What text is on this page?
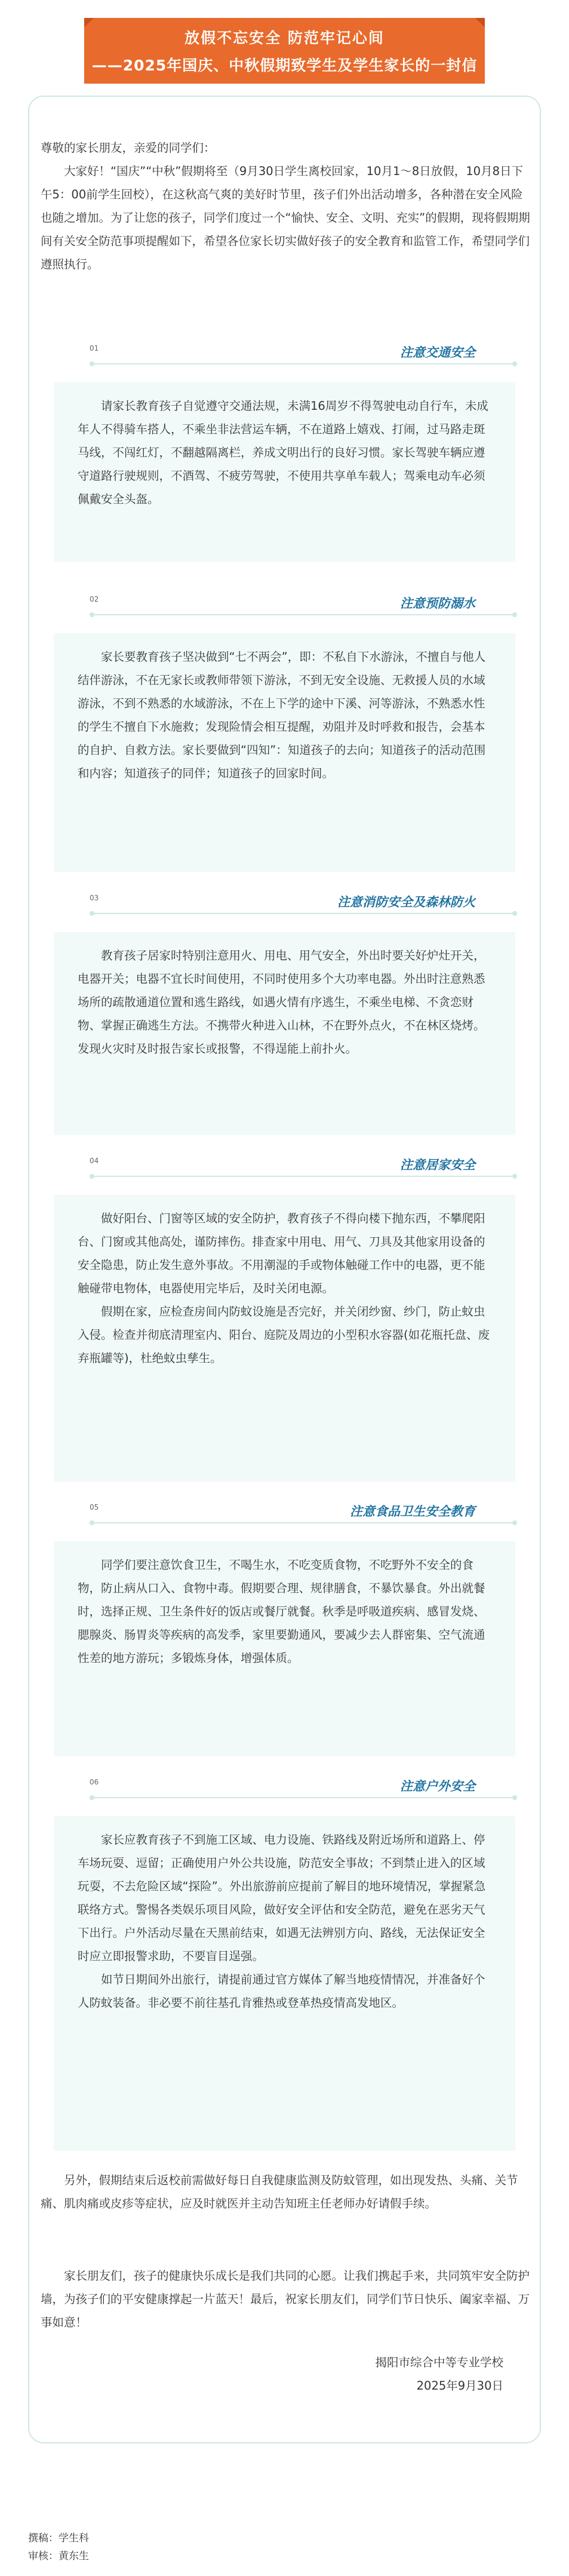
放假不忘安全 防范牢记心间
——2025年国庆、中秋假期致学生及学生家长的一封信

尊敬的家长朋友，亲爱的同学们：

大家好！“国庆”“中秋”假期将至（9月30日学生离校回家，10月1～8日放假，10月8日下午5：00前学生回校），在这秋高气爽的美好时节里，孩子们外出活动增多，各种潜在安全风险也随之增加。为了让您的孩子，同学们度过一个“愉快、安全、文明、充实”的假期，现将假期期间有关安全防范事项提醒如下，希望各位家长切实做好孩子的安全教育和监管工作，希望同学们遵照执行。

01	注意交通安全

请家长教育孩子自觉遵守交通法规，未满16周岁不得驾驶电动自行车，未成年人不得骑车搭人，不乘坐非法营运车辆，不在道路上嬉戏、打闹，过马路走斑马线，不闯红灯，不翻越隔离栏，养成文明出行的良好习惯。家长驾驶车辆应遵守道路行驶规则，不酒驾、不疲劳驾驶，不使用共享单车载人；驾乘电动车必须佩戴安全头盔。

02	注意预防溺水

家长要教育孩子坚决做到“七不两会”，即：不私自下水游泳，不擅自与他人结伴游泳，不在无家长或教师带领下游泳，不到无安全设施、无救援人员的水域游泳，不到不熟悉的水域游泳，不在上下学的途中下溪、河等游泳，不熟悉水性的学生不擅自下水施救；发现险情会相互提醒，劝阻并及时呼救和报告，会基本的自护、自救方法。家长要做到“四知”：知道孩子的去向；知道孩子的活动范围和内容；知道孩子的同伴；知道孩子的回家时间。

03	注意消防安全及森林防火

教育孩子居家时特别注意用火、用电、用气安全，外出时要关好炉灶开关，电器开关；电器不宜长时间使用，不同时使用多个大功率电器。外出时注意熟悉场所的疏散通道位置和逃生路线，如遇火情有序逃生，不乘坐电梯、不贪恋财物、掌握正确逃生方法。不携带火种进入山林，不在野外点火，不在林区烧烤。发现火灾时及时报告家长或报警，不得逞能上前扑火。

04	注意居家安全

做好阳台、门窗等区域的安全防护，教育孩子不得向楼下抛东西，不攀爬阳台、门窗或其他高处，谨防摔伤。排查家中用电、用气、刀具及其他家用设备的安全隐患，防止发生意外事故。不用潮湿的手或物体触碰工作中的电器，更不能触碰带电物体，电器使用完毕后，及时关闭电源。

假期在家，应检查房间内防蚊设施是否完好，并关闭纱窗、纱门，防止蚊虫入侵。检查并彻底清理室内、阳台、庭院及周边的小型积水容器(如花瓶托盘、废弃瓶罐等)，杜绝蚊虫孳生。

05	注意食品卫生安全教育

同学们要注意饮食卫生，不喝生水，不吃变质食物，不吃野外不安全的食物，防止病从口入、食物中毒。假期要合理、规律膳食，不暴饮暴食。外出就餐时，选择正规、卫生条件好的饭店或餐厅就餐。秋季是呼吸道疾病、感冒发烧、腮腺炎、肠胃炎等疾病的高发季，家里要勤通风，要减少去人群密集、空气流通性差的地方游玩；多锻炼身体，增强体质。

06	注意户外安全

家长应教育孩子不到施工区域、电力设施、铁路线及附近场所和道路上、停车场玩耍、逗留；正确使用户外公共设施，防范安全事故；不到禁止进入的区域玩耍，不去危险区域“探险”。外出旅游前应提前了解目的地环境情况，掌握紧急联络方式。警惕各类娱乐项目风险，做好安全评估和安全防范，避免在恶劣天气下出行。户外活动尽量在天黑前结束，如遇无法辨别方向、路线，无法保证安全时应立即报警求助，不要盲目逞强。

如节日期间外出旅行，请提前通过官方媒体了解当地疫情情况，并准备好个人防蚊装备。非必要不前往基孔肯雅热或登革热疫情高发地区。

另外，假期结束后返校前需做好每日自我健康监测及防蚊管理，如出现发热、头痛、关节痛、肌肉痛或皮疹等症状，应及时就医并主动告知班主任老师办好请假手续。

家长朋友们，孩子的健康快乐成长是我们共同的心愿。让我们携起手来，共同筑牢安全防护墙，为孩子们的平安健康撑起一片蓝天！最后，祝家长朋友们，同学们节日快乐、阖家幸福、万事如意！

揭阳市综合中等专业学校
2025年9月30日
撰稿：学生科
审核：黄东生
